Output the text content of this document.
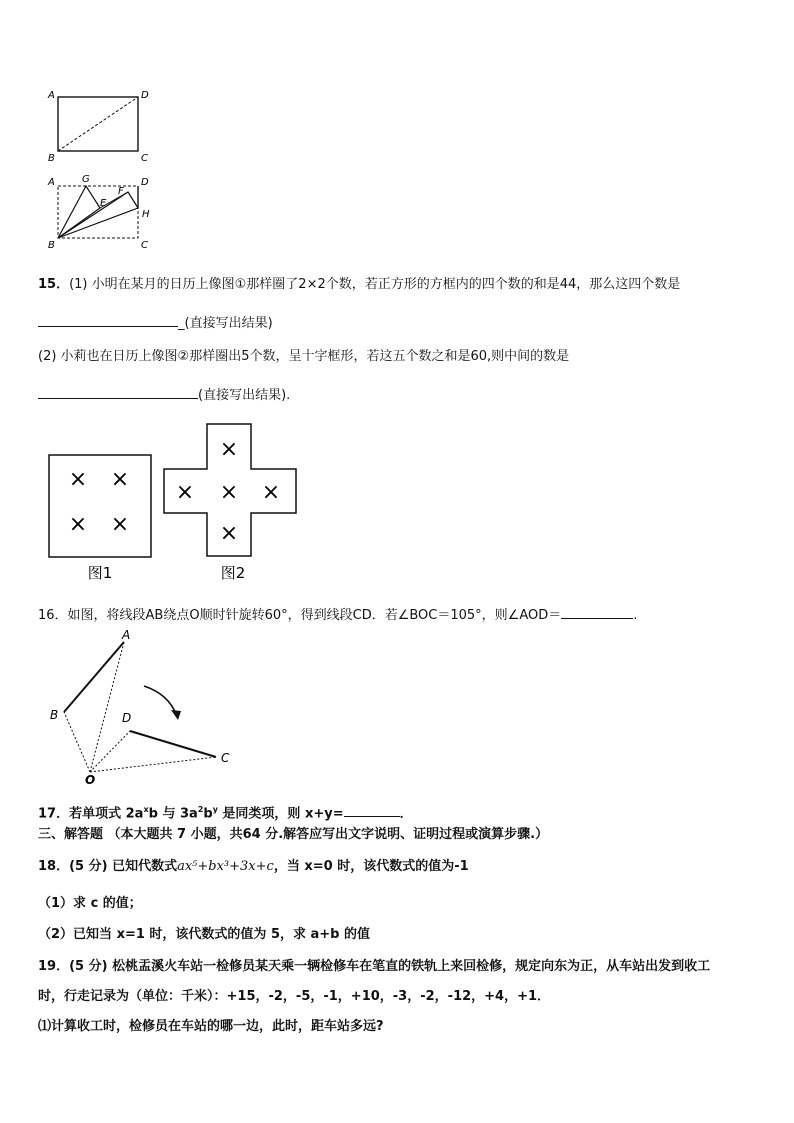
A	D
B	C
A	G
F
D
E
H
B	C
15．(1) 小明在某月的日历上像图①那样圈了2×2个数，若正方形的方框内的四个数的和是44，那么这四个数是
_(直接写出结果)
(2) 小莉也在日历上像图②那样圈出5个数，呈十字框形，若这五个数之和是60,则中间的数是
(直接写出结果).
× ×
× ×
图1
×
× × ×
×
图2
16．如图，将线段AB绕点O顺时针旋转60°，得到线段CD．若∠BOC＝105°，则∠AOD＝	.
A
B	D
C
O
17．若单项式 $2a^xb$ 与 $3a^2b^y$ 是同类项，则 x+y=	．
三、解答题 （本大题共 7 小题，共64 分.解答应写出文字说明、证明过程或演算步骤.）
18．(5 分) 已知代数式ax⁵+bx³+3x+c，当 x=0 时，该代数式的值为-1
（1）求 c 的值；
（2）已知当 x=1 时，该代数式的值为 5，求 a+b 的值
19．(5 分) 松桃盂溪火车站一检修员某天乘一辆检修车在笔直的铁轨上来回检修，规定向东为正，从车站出发到收工
时，行走记录为（单位：千米）：+15，-2，-5，-1，+10，-3，-2，-12，+4，+1．
⑴计算收工时，检修员在车站的哪一边，此时，距车站多远?
